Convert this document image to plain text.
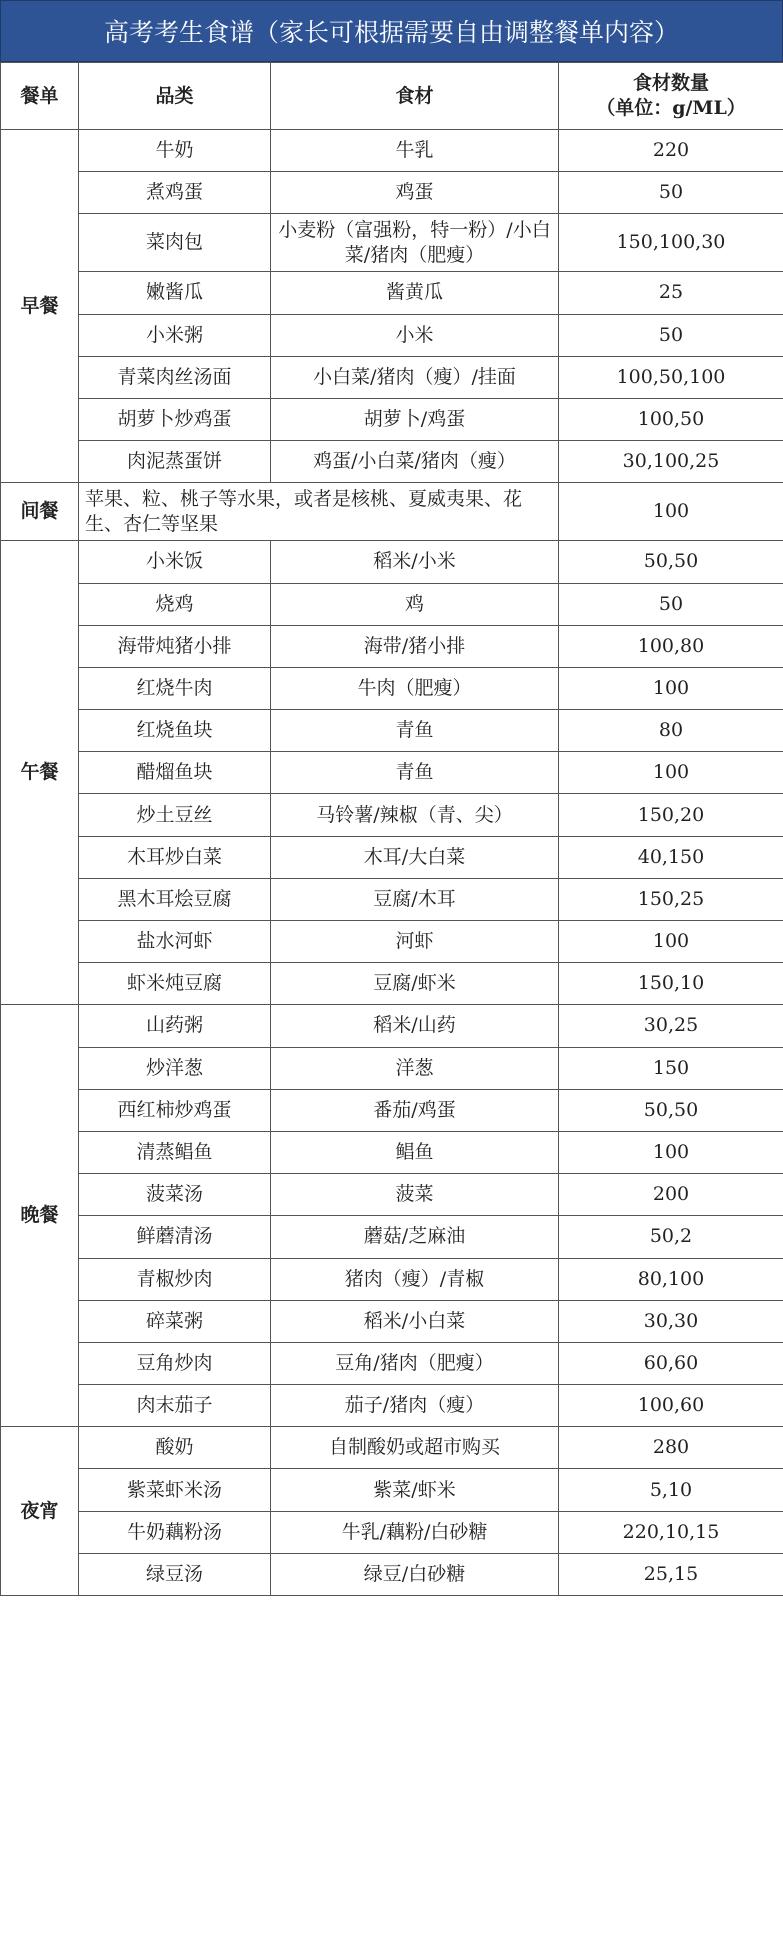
高考考生食谱（家长可根据需要自由调整餐单内容）
餐单	品类	食材	食材数量
（单位：g/ML）

早餐	牛奶	牛乳	220
	煮鸡蛋	鸡蛋	50
	菜肉包	小麦粉（富强粉，特一粉）/小白菜/猪肉（肥瘦）	150,100,30
	嫩酱瓜	酱黄瓜	25
	小米粥	小米	50
	青菜肉丝汤面	小白菜/猪肉（瘦）/挂面	100,50,100
	胡萝卜炒鸡蛋	胡萝卜/鸡蛋	100,50
	肉泥蒸蛋饼	鸡蛋/小白菜/猪肉（瘦）	30,100,25
间餐	苹果、粒、桃子等水果，或者是核桃、夏威夷果、花生、杏仁等坚果		100
午餐	小米饭	稻米/小米	50,50
	烧鸡	鸡	50
	海带炖猪小排	海带/猪小排	100,80
	红烧牛肉	牛肉（肥瘦）	100
	红烧鱼块	青鱼	80
	醋熘鱼块	青鱼	100
	炒土豆丝	马铃薯/辣椒（青、尖）	150,20
	木耳炒白菜	木耳/大白菜	40,150
	黑木耳烩豆腐	豆腐/木耳	150,25
	盐水河虾	河虾	100
	虾米炖豆腐	豆腐/虾米	150,10
晚餐	山药粥	稻米/山药	30,25
	炒洋葱	洋葱	150
	西红柿炒鸡蛋	番茄/鸡蛋	50,50
	清蒸鲳鱼	鲳鱼	100
	菠菜汤	菠菜	200
	鲜蘑清汤	蘑菇/芝麻油	50,2
	青椒炒肉	猪肉（瘦）/青椒	80,100
	碎菜粥	稻米/小白菜	30,30
	豆角炒肉	豆角/猪肉（肥瘦）	60,60
	肉末茄子	茄子/猪肉（瘦）	100,60
夜宵	酸奶	自制酸奶或超市购买	280
	紫菜虾米汤	紫菜/虾米	5,10
	牛奶藕粉汤	牛乳/藕粉/白砂糖	220,10,15
	绿豆汤	绿豆/白砂糖	25,15
